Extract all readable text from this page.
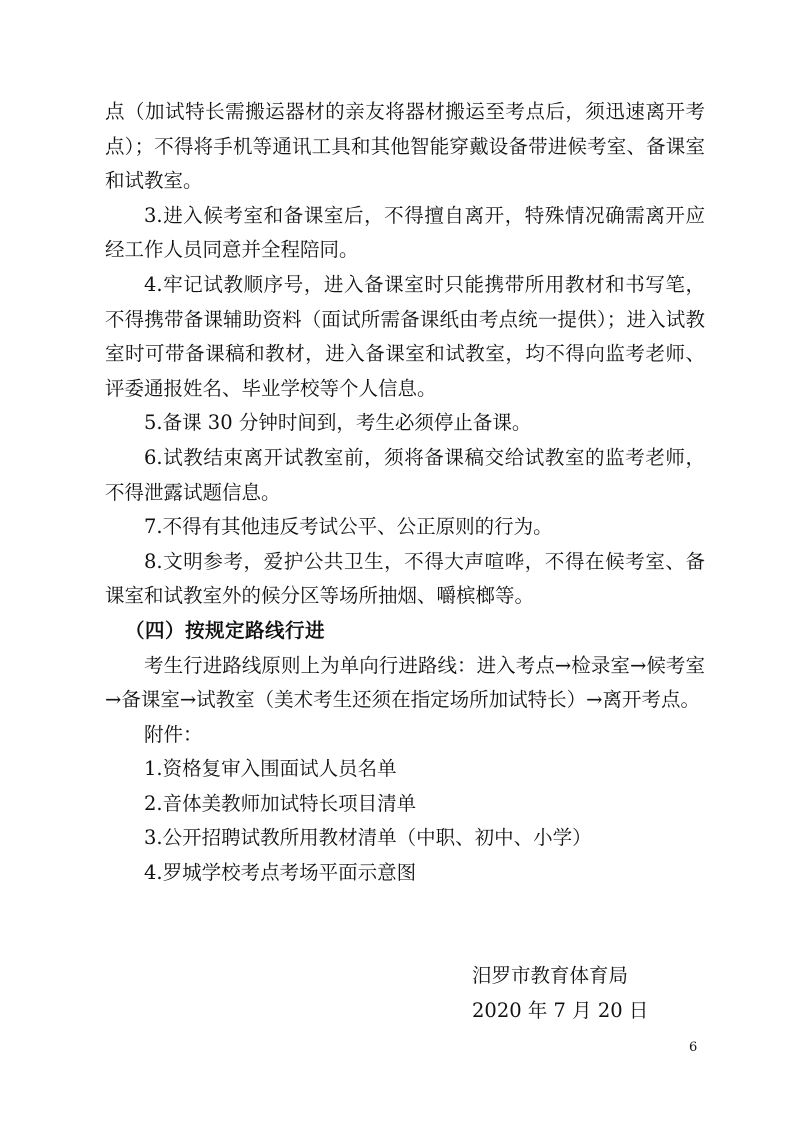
点（加试特长需搬运器材的亲友将器材搬运至考点后，须迅速离开考点）；不得将手机等通讯工具和其他智能穿戴设备带进候考室、备课室和试教室。

3.进入候考室和备课室后，不得擅自离开，特殊情况确需离开应经工作人员同意并全程陪同。

4.牢记试教顺序号，进入备课室时只能携带所用教材和书写笔，不得携带备课辅助资料（面试所需备课纸由考点统一提供）；进入试教室时可带备课稿和教材，进入备课室和试教室，均不得向监考老师、评委通报姓名、毕业学校等个人信息。

5.备课 30 分钟时间到，考生必须停止备课。

6.试教结束离开试教室前，须将备课稿交给试教室的监考老师，不得泄露试题信息。

7.不得有其他违反考试公平、公正原则的行为。

8.文明参考，爱护公共卫生，不得大声喧哗，不得在候考室、备课室和试教室外的候分区等场所抽烟、嚼槟榔等。

（四）按规定路线行进

考生行进路线原则上为单向行进路线：进入考点→检录室→候考室→备课室→试教室（美术考生还须在指定场所加试特长）→离开考点。

附件：

1.资格复审入围面试人员名单

2.音体美教师加试特长项目清单

3.公开招聘试教所用教材清单（中职、初中、小学）

4.罗城学校考点考场平面示意图

汨罗市教育体育局
2020 年 7 月 20 日
6
